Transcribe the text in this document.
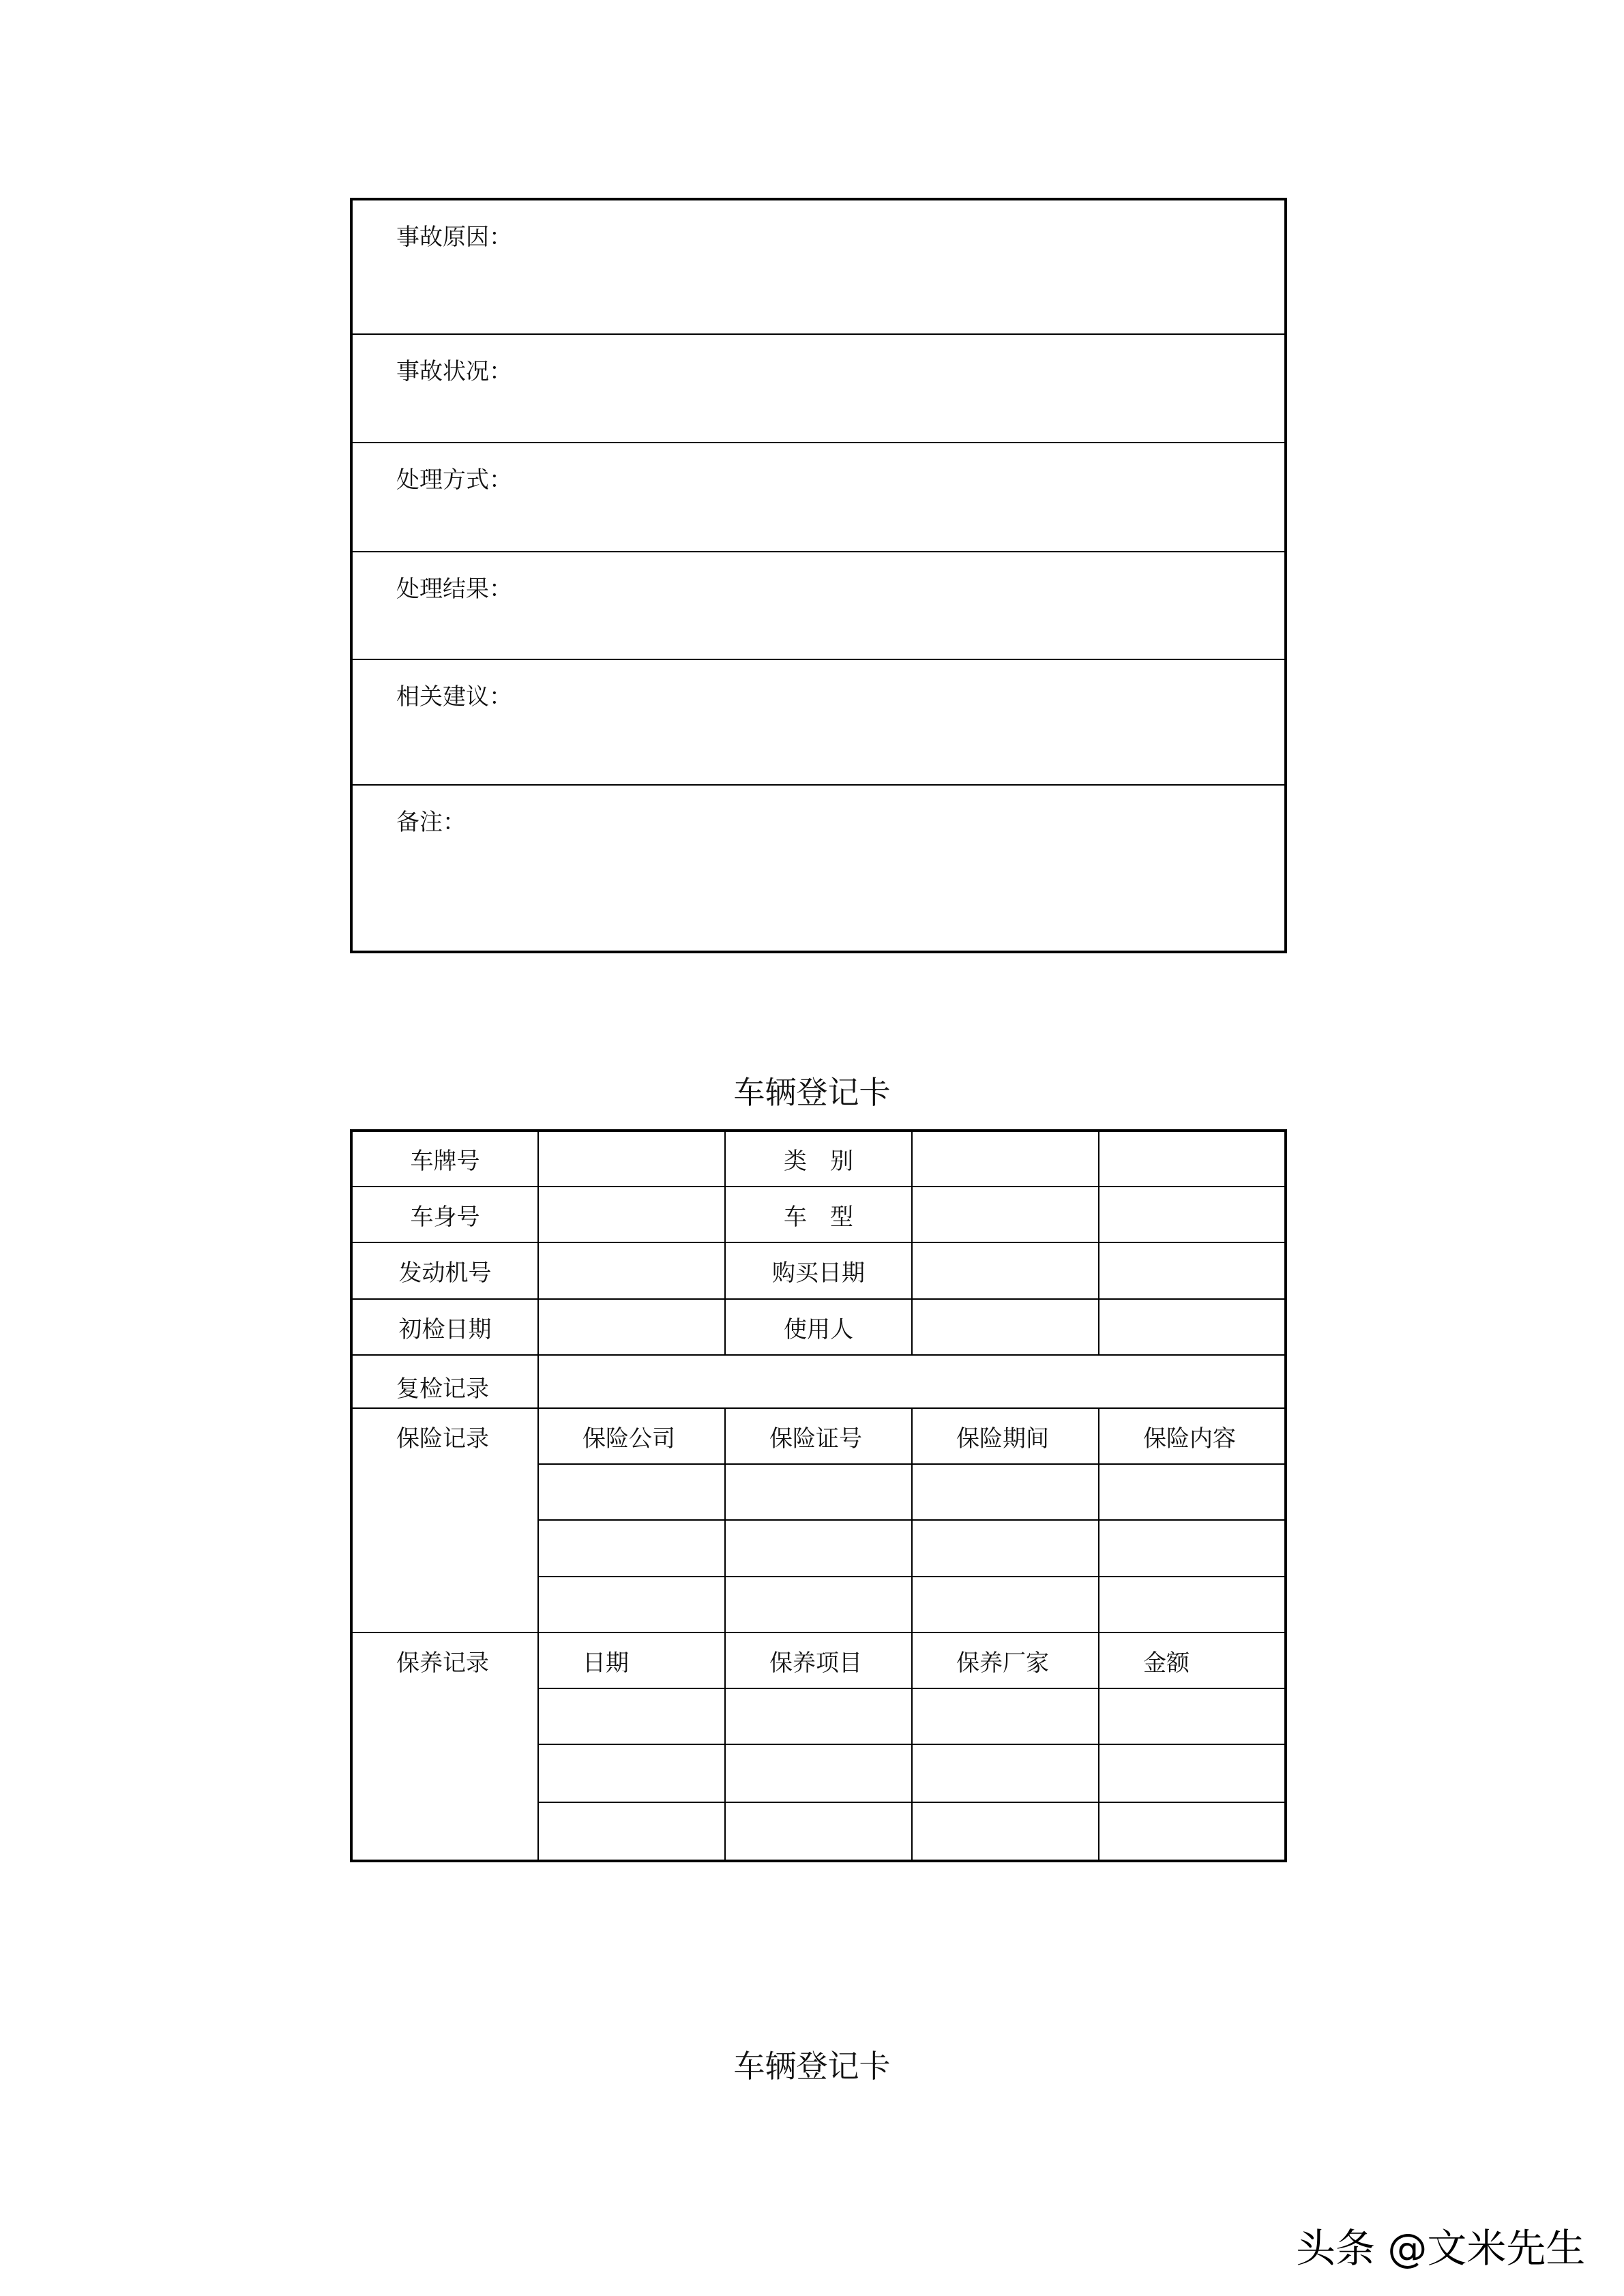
事故原因：
事故状况：
处理方式：
处理结果：
相关建议：
备注：
车辆登记卡
车牌号		类　别		
车身号		车　型		
发动机号		购买日期		
初检日期		使用人		
复检记录				
保险记录	保险公司	保险证号	保险期间	保险内容

保养记录	日期	保养项目	保养厂家	金额

车辆登记卡
头条 @文米先生
